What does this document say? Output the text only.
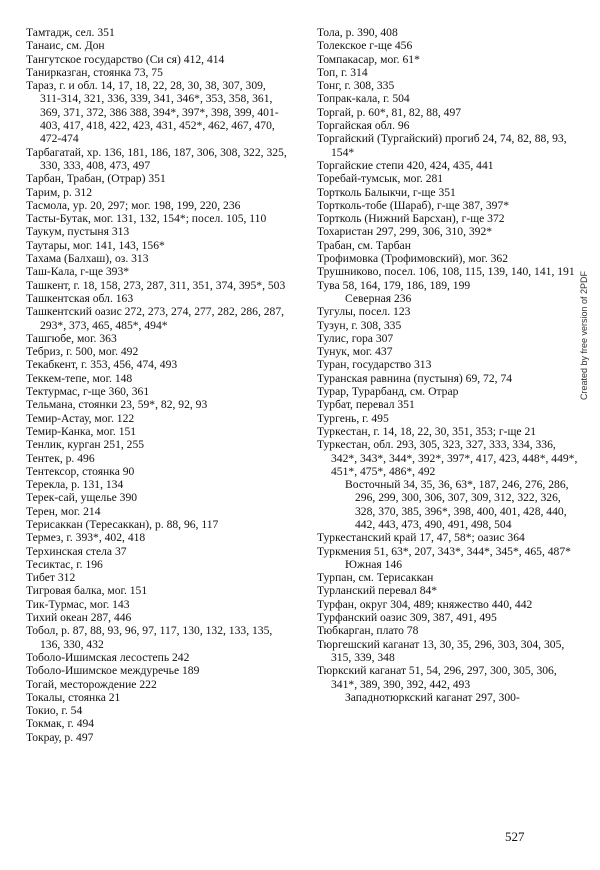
Тамтадж, сел. 351
Танаис, см. Дон
Тангутское государство (Си ся) 412, 414
Танирказган, стоянка 73, 75
Тараз, г. и обл. 14, 17, 18, 22, 28, 30, 38, 307, 309, 311-314, 321, 336, 339, 341, 346*, 353, 358, 361, 369, 371, 372, 386 388, 394*, 397*, 398, 399, 401-403, 417, 418, 422, 423, 431, 452*, 462, 467, 470, 472-474
Тарбагатай, хр. 136, 181, 186, 187, 306, 308, 322, 325, 330, 333, 408, 473, 497
Тарбан, Трабан, (Отрар) 351
Тарим, р. 312
Тасмола, ур. 20, 297; мог. 198, 199, 220, 236
Тасты-Бутак, мог. 131, 132, 154*; посел. 105, 110
Таукум, пустыня 313
Таутары, мог. 141, 143, 156*
Тахама (Балхаш), оз. 313
Таш-Кала, г-ще 393*
Ташкент, г. 18, 158, 273, 287, 311, 351, 374, 395*, 503
Ташкентская обл. 163
Ташкентский оазис 272, 273, 274, 277, 282, 286, 287, 293*, 373, 465, 485*, 494*
Ташгюбе, мог. 363
Тебриз, г. 500, мог. 492
Текабкент, г. 353, 456, 474, 493
Теккем-тепе, мог. 148
Тектурмас, г-ще 360, 361
Тельмана, стоянки 23, 59*, 82, 92, 93
Темир-Астау, мог. 122
Темир-Канка, мог. 151
Тенлик, курган 251, 255
Тентек, р. 496
Тентексор, стоянка 90
Терекла, р. 131, 134
Терек-сай, ущелье 390
Терен, мог. 214
Терисаккан (Тересаккан), р. 88, 96, 117
Термез, г. 393*, 402, 418
Терхинская стела 37
Тесиктас, г. 196
Тибет 312
Тигровая балка, мог. 151
Тик-Турмас, мог. 143
Тихий океан 287, 446
Тобол, р. 87, 88, 93, 96, 97, 117, 130, 132, 133, 135, 136, 330, 432
Тоболо-Ишимская лесостепь 242
Тоболо-Ишимское междуречье 189
Тогай, месторождение 222
Токалы, стоянка 21
Токио, г. 54
Токмак, г. 494
Токрау, р. 497
Тола, р. 390, 408
Толекское г-ще 456
Томпакасар, мог. 61*
Топ, г. 314
Тонг, г. 308, 335
Топрак-кала, г. 504
Торгай, р. 60*, 81, 82, 88, 497
Торгайская обл. 96
Торгайский (Тургайский) прогиб 24, 74, 82, 88, 93, 154*
Торгайские степи 420, 424, 435, 441
Торебай-тумсык, мог. 281
Тортколь Балыкчи, г-ще 351
Тортколь-тобе (Шараб), г-ще 387, 397*
Тортколь (Нижний Барсхан), г-ще 372
Тохаристан 297, 299, 306, 310, 392*
Трабан, см. Тарбан
Трофимовка (Трофимовский), мог. 362
Трушниково, посел. 106, 108, 115, 139, 140, 141, 191
Тува 58, 164, 179, 186, 189, 199
Северная 236
Тугулы, посел. 123
Тузун, г. 308, 335
Тулис, гора 307
Тунук, мог. 437
Туран, государство 313
Туранская равнина (пустыня) 69, 72, 74
Турар, Турарбанд, см. Отрар
Турбат, перевал 351
Тургень, г. 495
Туркестан, г. 14, 18, 22, 30, 351, 353; г-ще 21
Туркестан, обл. 293, 305, 323, 327, 333, 334, 336, 342*, 343*, 344*, 392*, 397*, 417, 423, 448*, 449*, 451*, 475*, 486*, 492
Восточный 34, 35, 36, 63*, 187, 246, 276, 286, 296, 299, 300, 306, 307, 309, 312, 322, 326, 328, 370, 385, 396*, 398, 400, 401, 428, 440, 442, 443, 473, 490, 491, 498, 504
Туркестанский край 17, 47, 58*; оазис 364
Туркмения 51, 63*, 207, 343*, 344*, 345*, 465, 487*
Южная 146
Турпан, см. Терисаккан
Турланский перевал 84*
Турфан, округ 304, 489; княжество 440, 442
Турфанский оазис 309, 387, 491, 495
Тюбкарган, плато 78
Тюргешский каганат 13, 30, 35, 296, 303, 304, 305, 315, 339, 348
Тюркский каганат 51, 54, 296, 297, 300, 305, 306, 341*, 389, 390, 392, 442, 493
Западнотюркский каганат 297, 300-
527
Created by free version of 2PDF
